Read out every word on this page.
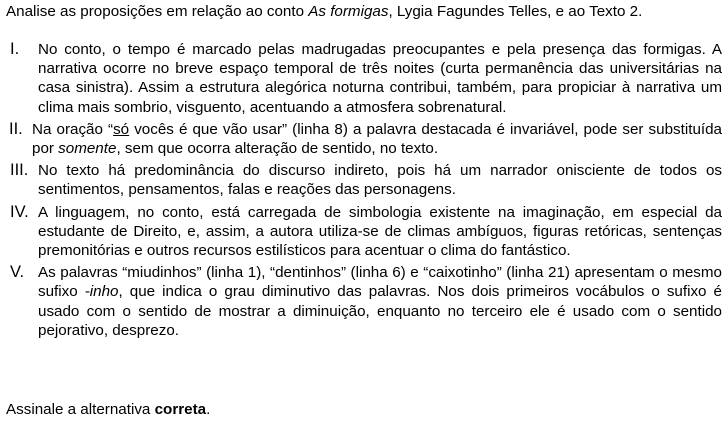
Analise as proposições em relação ao conto As formigas, Lygia Fagundes Telles, e ao Texto 2.
I.	No conto, o tempo é marcado pelas madrugadas preocupantes e pela presença das formigas. A narrativa ocorre no breve espaço temporal de três noites (curta permanência das universitárias na casa sinistra). Assim a estrutura alegórica noturna contribui, também, para propiciar à narrativa um clima mais sombrio, visguento, acentuando a atmosfera sobrenatural.
II. Na oração “só vocês é que vão usar” (linha 8) a palavra destacada é invariável, pode ser substituída por somente, sem que ocorra alteração de sentido, no texto.
III. No texto há predominância do discurso indireto, pois há um narrador onisciente de todos os sentimentos, pensamentos, falas e reações das personagens.
IV. A linguagem, no conto, está carregada de simbologia existente na imaginação, em especial da estudante de Direito, e, assim, a autora utiliza-se de climas ambíguos, figuras retóricas, sentenças premonitórias e outros recursos estilísticos para acentuar o clima do fantástico.
V. As palavras “miudinhos” (linha 1), “dentinhos” (linha 6) e “caixotinho” (linha 21) apresentam o mesmo sufixo -inho, que indica o grau diminutivo das palavras. Nos dois primeiros vocábulos o sufixo é usado com o sentido de mostrar a diminuição, enquanto no terceiro ele é usado com o sentido pejorativo, desprezo.
Assinale a alternativa correta.
